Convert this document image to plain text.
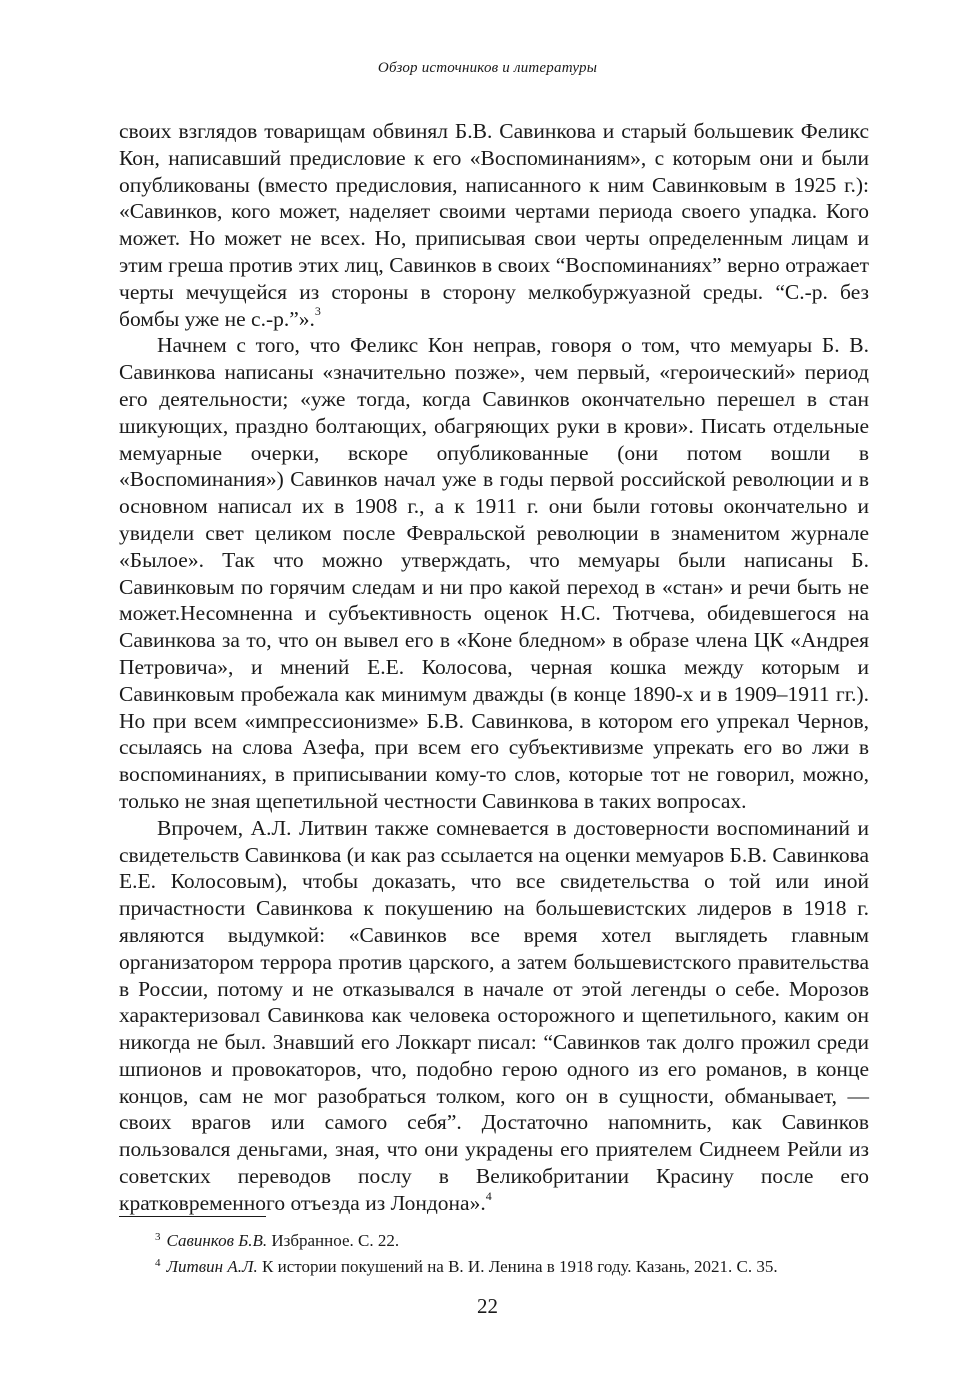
Обзор источников и литературы

своих взглядов товарищам обвинял Б.В. Савинкова и старый большевик Феликс Кон, написавший предисловие к его «Воспоминаниям», с которым они и были опубликованы (вместо предисловия, написанного к ним Савинковым в 1925 г.): «Савинков, кого может, наделяет своими чертами периода своего упадка. Кого может. Но может не всех. Но, приписывая свои черты определенным лицам и этим греша против этих лиц, Савинков в своих “Воспоминаниях” верно отражает черты мечущейся из стороны в сторону мелкобуржуазной среды. “С.-р. без бомбы уже не с.-р.”».$^3$

Начнем с того, что Феликс Кон неправ, говоря о том, что мемуары Б. В. Савинкова написаны «значительно позже», чем первый, «героический» период его деятельности; «уже тогда, когда Савинков окончательно перешел в стан шикующих, праздно болтающих, обагряющих руки в крови». Писать отдельные мемуарные очерки, вскоре опубликованные (они потом вошли в «Воспоминания») Савинков начал уже в годы первой российской революции и в основном написал их в 1908 г., а к 1911 г. они были готовы окончательно и увидели свет целиком после Февральской революции в знаменитом журнале «Былое». Так что можно утверждать, что мемуары были написаны Б. Савинковым по горячим следам и ни про какой переход в «стан» и речи быть не может.Несомненна и субъективность оценок Н.С. Тютчева, обидевшегося на Савинкова за то, что он вывел его в «Коне бледном» в образе члена ЦК «Андрея Петровича», и мнений Е.Е. Колосова, черная кошка между которым и Савинковым пробежала как минимум дважды (в конце 1890-х и в 1909–1911 гг.). Но при всем «импрессионизме» Б.В. Савинкова, в котором его упрекал Чернов, ссылаясь на слова Азефа, при всем его субъективизме упрекать его во лжи в воспоминаниях, в приписывании кому-то слов, которые тот не говорил, можно, только не зная щепетильной честности Савинкова в таких вопросах.

Впрочем, А.Л. Литвин также сомневается в достоверности воспоминаний и свидетельств Савинкова (и как раз ссылается на оценки мемуаров Б.В. Савинкова Е.Е. Колосовым), чтобы доказать, что все свидетельства о той или иной причастности Савинкова к покушению на большевистских лидеров в 1918 г. являются выдумкой: «Савинков все время хотел выглядеть главным организатором террора против царского, а затем большевистского правительства в России, потому и не отказывался в начале от этой легенды о себе. Морозов характеризовал Савинкова как человека осторожного и щепетильного, каким он никогда не был. Знавший его Локкарт писал: “Савинков так долго прожил среди шпионов и провокаторов, что, подобно герою одного из его романов, в конце концов, сам не мог разобраться толком, кого он в сущности, обманывает, — своих врагов или самого себя”. Достаточно напомнить, как Савинков пользовался деньгами, зная, что они украдены его приятелем Сиднеем Рейли из советских переводов послу в Великобритании Красину после его кратковременного отъезда из Лондона».$^4$

$^3$ Савинков Б.В. Избранное. С. 22.
$^4$ Литвин А.Л. К истории покушений на В. И. Ленина в 1918 году. Казань, 2021. С. 35.
22
